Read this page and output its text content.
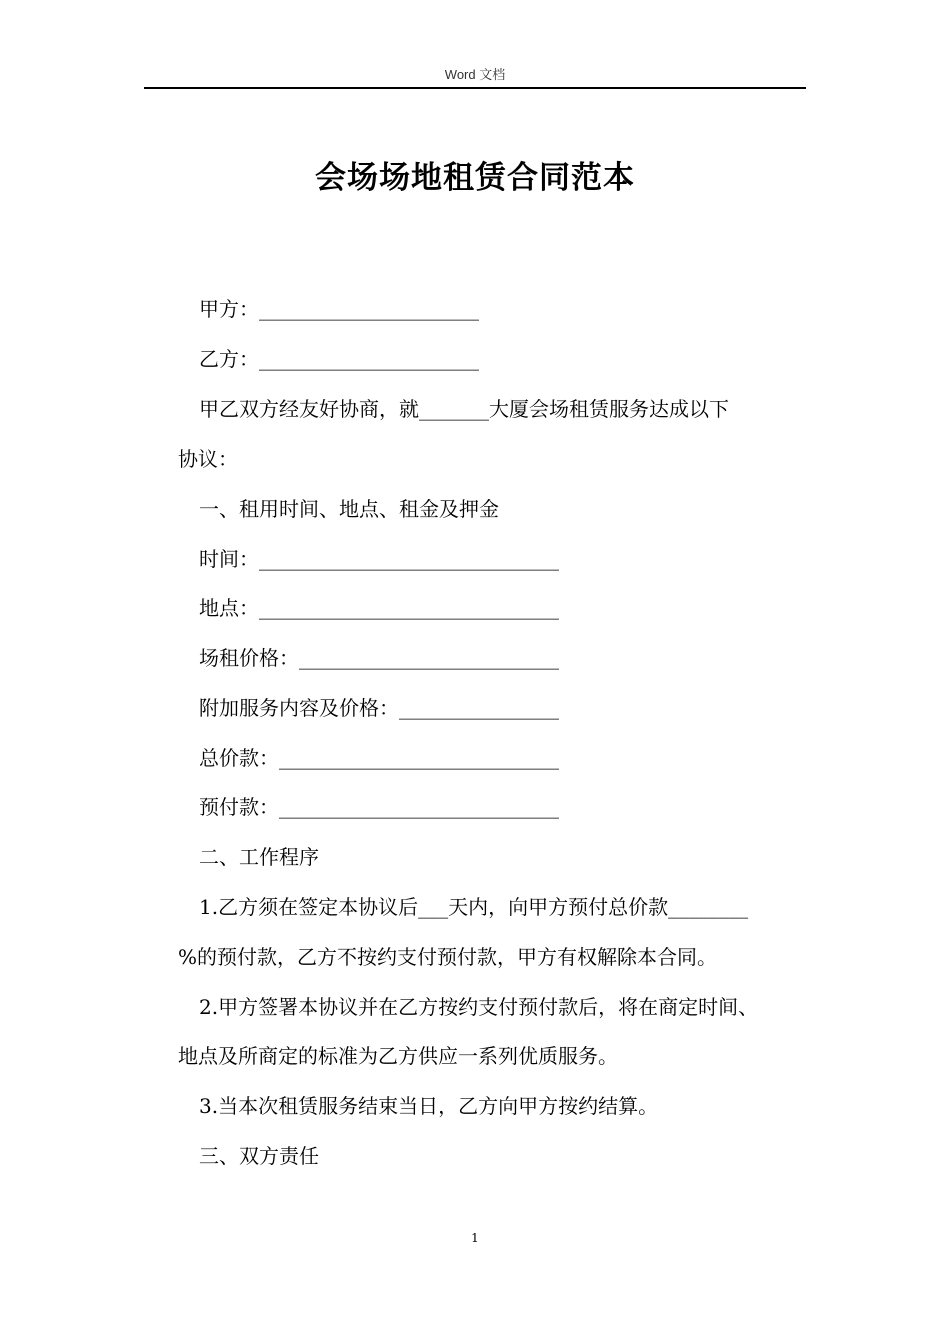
Word 文档
会场场地租赁合同范本
甲方：______________________
乙方：______________________
甲乙双方经友好协商，就_______大厦会场租赁服务达成以下
协议：
一、租用时间、地点、租金及押金
时间：______________________________
地点：______________________________
场租价格：__________________________
附加服务内容及价格：________________
总价款：____________________________
预付款：____________________________
二、工作程序
1.乙方须在签定本协议后___天内，向甲方预付总价款________
%的预付款，乙方不按约支付预付款，甲方有权解除本合同。
2.甲方签署本协议并在乙方按约支付预付款后，将在商定时间、
地点及所商定的标准为乙方供应一系列优质服务。
3.当本次租赁服务结束当日，乙方向甲方按约结算。
三、双方责任
1
